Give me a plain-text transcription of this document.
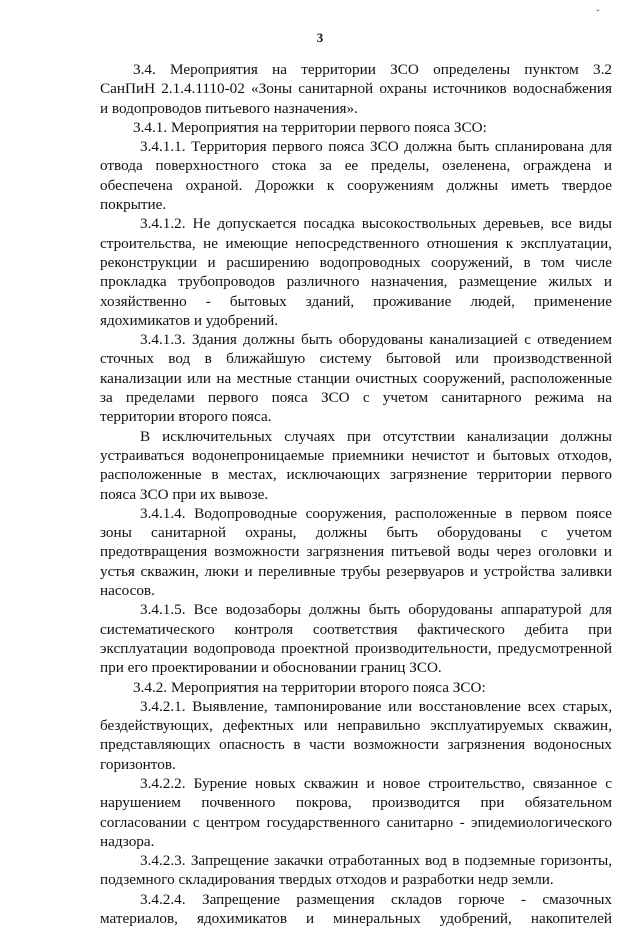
ˇ
3
3.4. Мероприятия на территории ЗСО определены пунктом 3.2
СанПиН 2.1.4.1110-02 «Зоны санитарной охраны источников водоснабжения
и водопроводов питьевого назначения».
3.4.1. Мероприятия на территории первого пояса ЗСО:
3.4.1.1. Территория первого пояса ЗСО должна быть спланирована для
отвода поверхностного стока за ее пределы, озеленена, ограждена и
обеспечена охраной. Дорожки к сооружениям должны иметь твердое
покрытие.
3.4.1.2. Не допускается посадка высокоствольных деревьев, все виды
строительства, не имеющие непосредственного отношения к эксплуатации,
реконструкции и расширению водопроводных сооружений, в том числе
прокладка трубопроводов различного назначения, размещение жилых и
хозяйственно - бытовых зданий, проживание людей, применение
ядохимикатов и удобрений.
3.4.1.3. Здания должны быть оборудованы канализацией с отведением
сточных вод в ближайшую систему бытовой или производственной
канализации или на местные станции очистных сооружений, расположенные
за пределами первого пояса ЗСО с учетом санитарного режима на
территории второго пояса.
В исключительных случаях при отсутствии канализации должны
устраиваться водонепроницаемые приемники нечистот и бытовых отходов,
расположенные в местах, исключающих загрязнение территории первого
пояса ЗСО при их вывозе.
3.4.1.4. Водопроводные сооружения, расположенные в первом поясе
зоны санитарной охраны, должны быть оборудованы с учетом
предотвращения возможности загрязнения питьевой воды через оголовки и
устья скважин, люки и переливные трубы резервуаров и устройства заливки
насосов.
3.4.1.5. Все водозаборы должны быть оборудованы аппаратурой для
систематического контроля соответствия фактического дебита при
эксплуатации водопровода проектной производительности, предусмотренной
при его проектировании и обосновании границ ЗСО.
3.4.2. Мероприятия на территории второго пояса ЗСО:
3.4.2.1. Выявление, тампонирование или восстановление всех старых,
бездействующих, дефектных или неправильно эксплуатируемых скважин,
представляющих опасность в части возможности загрязнения водоносных
горизонтов.
3.4.2.2. Бурение новых скважин и новое строительство, связанное с
нарушением почвенного покрова, производится при обязательном
согласовании с центром государственного санитарно - эпидемиологического
надзора.
3.4.2.3. Запрещение закачки отработанных вод в подземные горизонты,
подземного складирования твердых отходов и разработки недр земли.
3.4.2.4. Запрещение размещения складов горюче - смазочных
материалов, ядохимикатов и минеральных удобрений, накопителей
